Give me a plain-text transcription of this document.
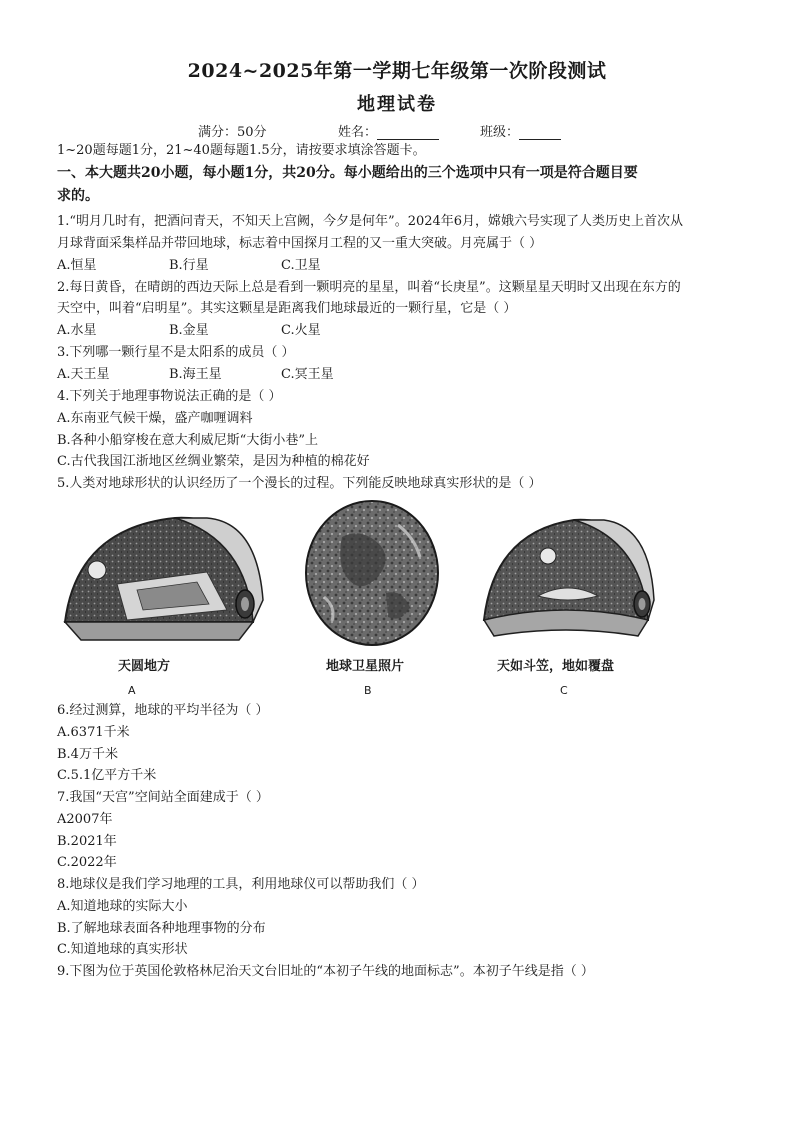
2024~2025年第一学期七年级第一次阶段测试
地理试卷
满分：50分	姓名：	班级：
1~20题每题1分，21~40题每题1.5分，请按要求填涂答题卡。
一、本大题共20小题，每小题1分，共20分。每小题给出的三个选项中只有一项是符合题目要
求的。
1.“明月几时有，把酒问青天，不知天上宫阙，今夕是何年”。2024年6月，嫦娥六号实现了人类历史上首次从
月球背面采集样品并带回地球，标志着中国探月工程的又一重大突破。月亮属于（ ）
A.恒星	B.行星	C.卫星
2.每日黄昏，在晴朗的西边天际上总是看到一颗明亮的星星，叫着“长庚星”。这颗星星天明时又出现在东方的
天空中，叫着“启明星”。其实这颗星是距离我们地球最近的一颗行星，它是（ ）
A.水星	B.金星	C.火星
3.下列哪一颗行星不是太阳系的成员（ ）
A.天王星	B.海王星	C.冥王星
4.下列关于地理事物说法正确的是（ ）
A.东南亚气候干燥，盛产咖喱调料
B.各种小船穿梭在意大利威尼斯“大街小巷”上
C.古代我国江浙地区丝绸业繁荣，是因为种植的棉花好
5.人类对地球形状的认识经历了一个漫长的过程。下列能反映地球真实形状的是（ ）
天圆地方
A
地球卫星照片
B
天如斗笠，地如覆盘
C
6.经过测算，地球的平均半径为（ ）
A.6371千米
B.4万千米
C.5.1亿平方千米
7.我国“天宫”空间站全面建成于（ ）
A2007年
B.2021年
C.2022年
8.地球仪是我们学习地理的工具，利用地球仪可以帮助我们（ ）
A.知道地球的实际大小
B.了解地球表面各种地理事物的分布
C.知道地球的真实形状
9.下图为位于英国伦敦格林尼治天文台旧址的“本初子午线的地面标志”。本初子午线是指（ ）
